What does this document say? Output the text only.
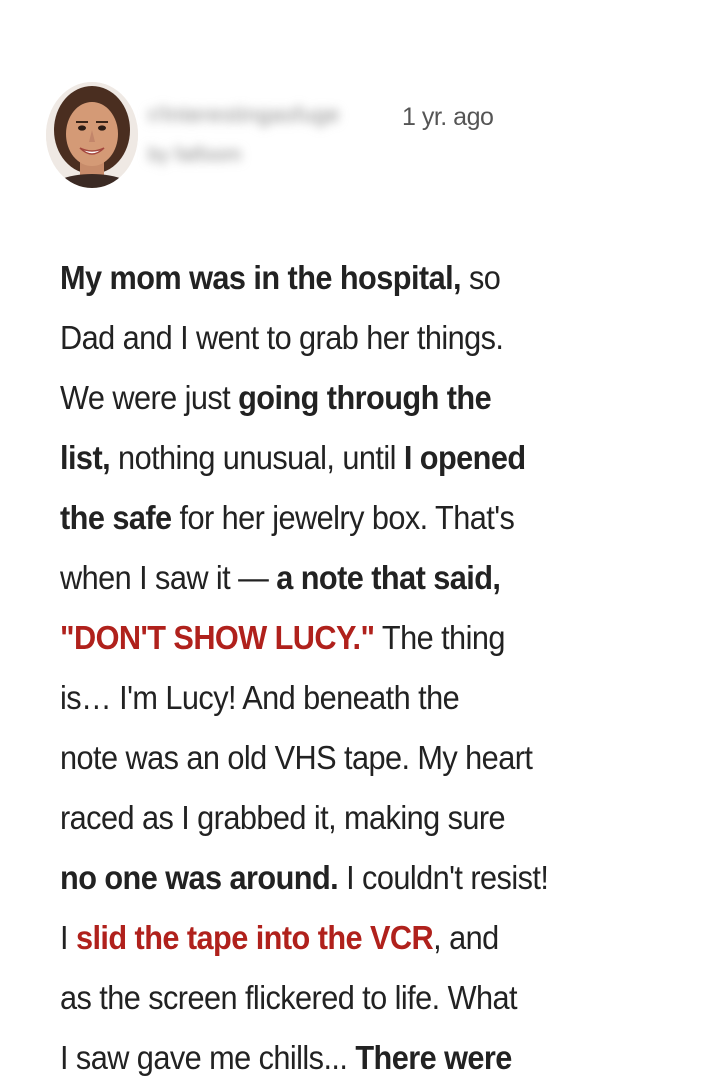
r/Interestingasfuge 1 yr. ago
by fatfoom
My mom was in the hospital, so
Dad and I went to grab her things.
We were just going through the
list, nothing unusual, until I opened
the safe for her jewelry box. That's
when I saw it — a note that said,
"DON'T SHOW LUCY." The thing
is… I'm Lucy! And beneath the
note was an old VHS tape. My heart
raced as I grabbed it, making sure
no one was around. I couldn't resist!
I slid the tape into the VCR, and
as the screen flickered to life. What
I saw gave me chills... There were
